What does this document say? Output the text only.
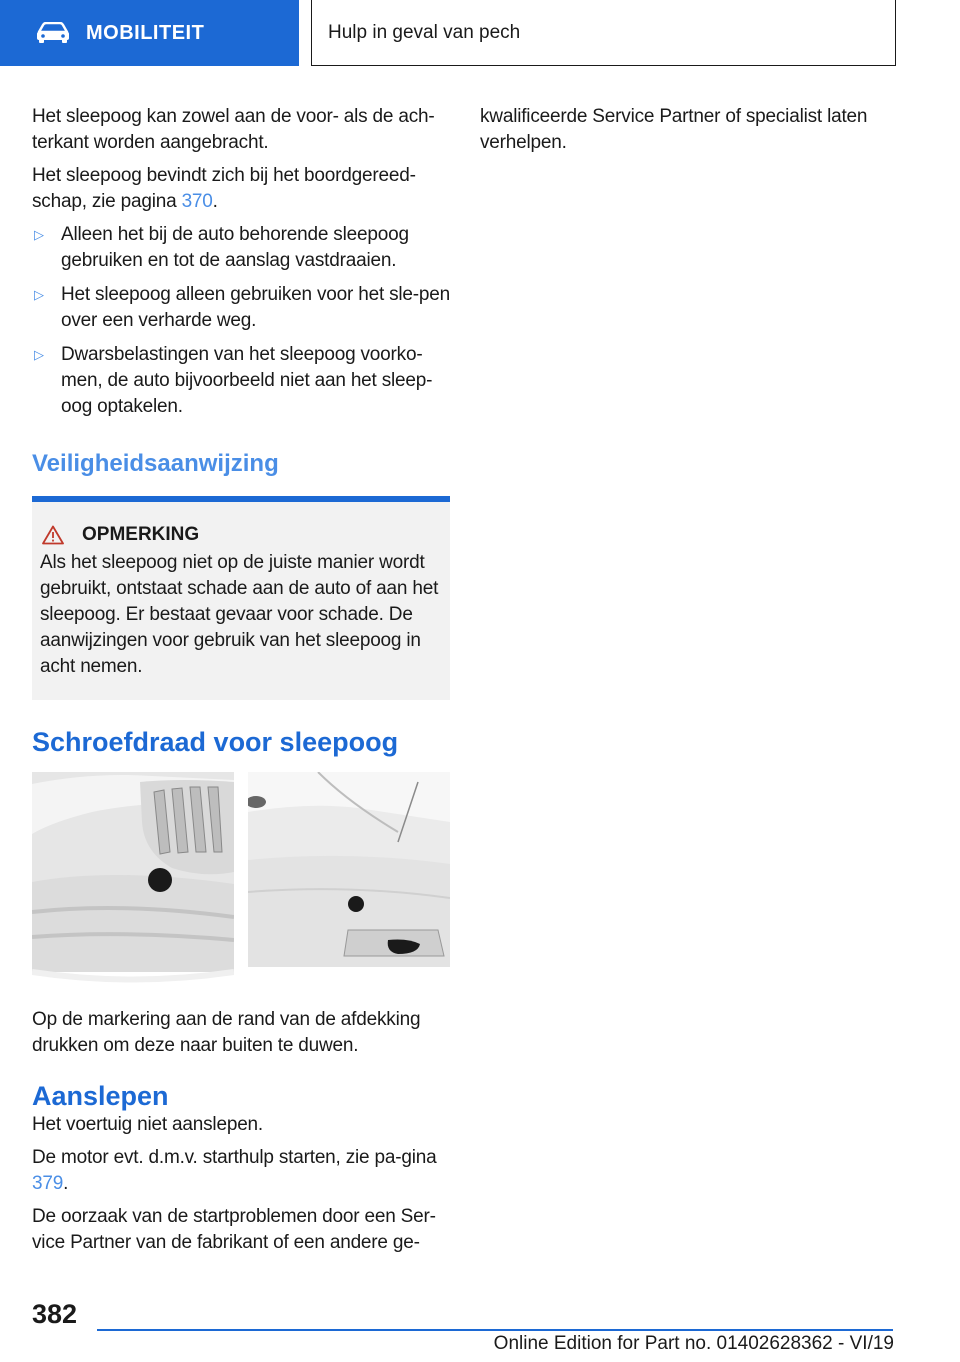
MOBILITEIT	Hulp in geval van pech

Het sleepoog kan zowel aan de voor- als de ach-terkant worden aangebracht.

Het sleepoog bevindt zich bij het boordgereed-schap, zie pagina 370.

▷ Alleen het bij de auto behorende sleepoog gebruiken en tot de aanslag vastdraaien.
▷ Het sleepoog alleen gebruiken voor het sle-pen over een verharde weg.
▷ Dwarsbelastingen van het sleepoog voorko-men, de auto bijvoorbeeld niet aan het sleep-oog optakelen.
Veiligheidsaanwijzing
OPMERKING

Als het sleepoog niet op de juiste manier wordt gebruikt, ontstaat schade aan de auto of aan het sleepoog. Er bestaat gevaar voor schade. De aanwijzingen voor gebruik van het sleepoog in acht nemen.

Schroefdraad voor sleepoog

Op de markering aan de rand van de afdekking drukken om deze naar buiten te duwen.

Aanslepen

Het voertuig niet aanslepen.

De motor evt. d.m.v. starthulp starten, zie pa-gina 379.

De oorzaak van de startproblemen door een Ser-vice Partner van de fabrikant of een andere ge-

kwalificeerde Service Partner of specialist laten verhelpen.

382
Online Edition for Part no. 01402628362 - VI/19
